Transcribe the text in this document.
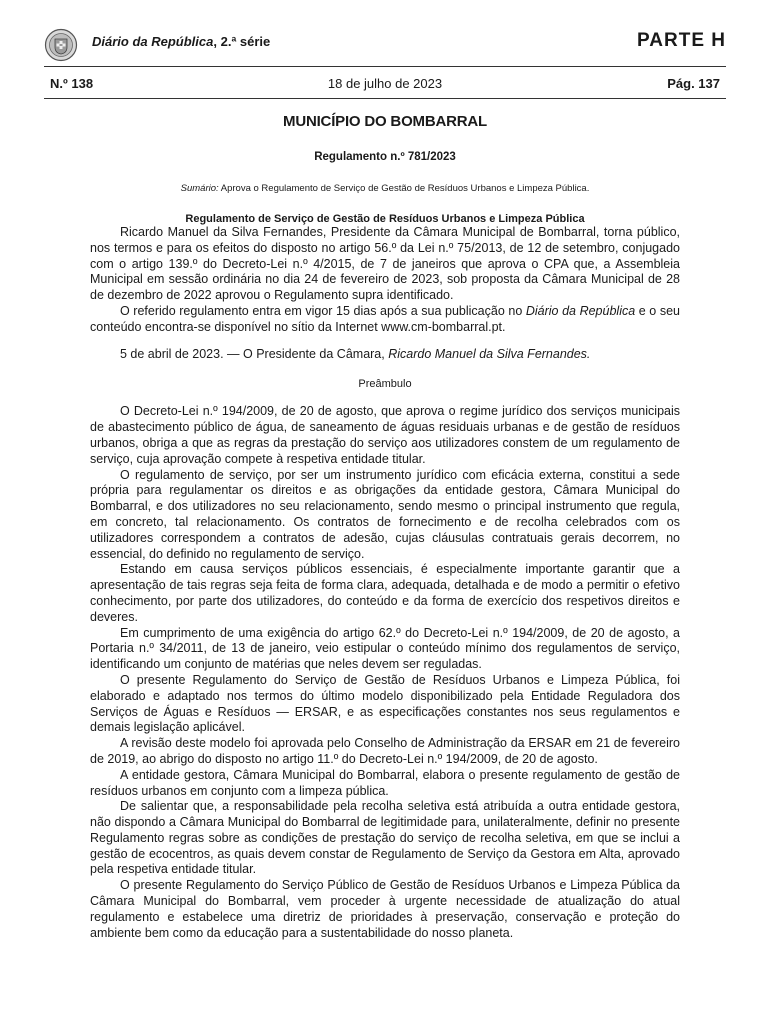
Diário da República, 2.ª série	PARTE H
N.º 138	18 de julho de 2023	Pág. 137
MUNICÍPIO DO BOMBARRAL
Regulamento n.º 781/2023
Sumário: Aprova o Regulamento de Serviço de Gestão de Resíduos Urbanos e Limpeza Pública.
Regulamento de Serviço de Gestão de Resíduos Urbanos e Limpeza Pública

Ricardo Manuel da Silva Fernandes, Presidente da Câmara Municipal de Bombarral, torna público, nos termos e para os efeitos do disposto no artigo 56.º da Lei n.º 75/2013, de 12 de setembro, conjugado com o artigo 139.º do Decreto-Lei n.º 4/2015, de 7 de janeiros que aprova o CPA que, a Assembleia Municipal em sessão ordinária no dia 24 de fevereiro de 2023, sob proposta da Câmara Municipal de 28 de dezembro de 2022 aprovou o Regulamento supra identificado.

O referido regulamento entra em vigor 15 dias após a sua publicação no Diário da República e o seu conteúdo encontra-se disponível no sítio da Internet www.cm-bombarral.pt.

5 de abril de 2023. — O Presidente da Câmara, Ricardo Manuel da Silva Fernandes.

Preâmbulo

O Decreto-Lei n.º 194/2009, de 20 de agosto, que aprova o regime jurídico dos serviços municipais de abastecimento público de água, de saneamento de águas residuais urbanas e de gestão de resíduos urbanos, obriga a que as regras da prestação do serviço aos utilizadores constem de um regulamento de serviço, cuja aprovação compete à respetiva entidade titular.

O regulamento de serviço, por ser um instrumento jurídico com eficácia externa, constitui a sede própria para regulamentar os direitos e as obrigações da entidade gestora, Câmara Municipal do Bombarral, e dos utilizadores no seu relacionamento, sendo mesmo o principal instrumento que regula, em concreto, tal relacionamento. Os contratos de fornecimento e de recolha celebrados com os utilizadores correspondem a contratos de adesão, cujas cláusulas contratuais gerais decorrem, no essencial, do definido no regulamento de serviço.

Estando em causa serviços públicos essenciais, é especialmente importante garantir que a apresentação de tais regras seja feita de forma clara, adequada, detalhada e de modo a permitir o efetivo conhecimento, por parte dos utilizadores, do conteúdo e da forma de exercício dos respetivos direitos e deveres.

Em cumprimento de uma exigência do artigo 62.º do Decreto-Lei n.º 194/2009, de 20 de agosto, a Portaria n.º 34/2011, de 13 de janeiro, veio estipular o conteúdo mínimo dos regulamentos de serviço, identificando um conjunto de matérias que neles devem ser reguladas.

O presente Regulamento do Serviço de Gestão de Resíduos Urbanos e Limpeza Pública, foi elaborado e adaptado nos termos do último modelo disponibilizado pela Entidade Reguladora dos Serviços de Águas e Resíduos — ERSAR, e as especificações constantes nos seus regulamentos e demais legislação aplicável.

A revisão deste modelo foi aprovada pelo Conselho de Administração da ERSAR em 21 de fevereiro de 2019, ao abrigo do disposto no artigo 11.º do Decreto-Lei n.º 194/2009, de 20 de agosto.

A entidade gestora, Câmara Municipal do Bombarral, elabora o presente regulamento de gestão de resíduos urbanos em conjunto com a limpeza pública.

De salientar que, a responsabilidade pela recolha seletiva está atribuída a outra entidade gestora, não dispondo a Câmara Municipal do Bombarral de legitimidade para, unilateralmente, definir no presente Regulamento regras sobre as condições de prestação do serviço de recolha seletiva, em que se inclui a gestão de ecocentros, as quais devem constar de Regulamento de Serviço da Gestora em Alta, aprovado pela respetiva entidade titular.

O presente Regulamento do Serviço Público de Gestão de Resíduos Urbanos e Limpeza Pública da Câmara Municipal do Bombarral, vem proceder à urgente necessidade de atualização do atual regulamento e estabelece uma diretriz de prioridades à preservação, conservação e proteção do ambiente bem como da educação para a sustentabilidade do nosso planeta.
